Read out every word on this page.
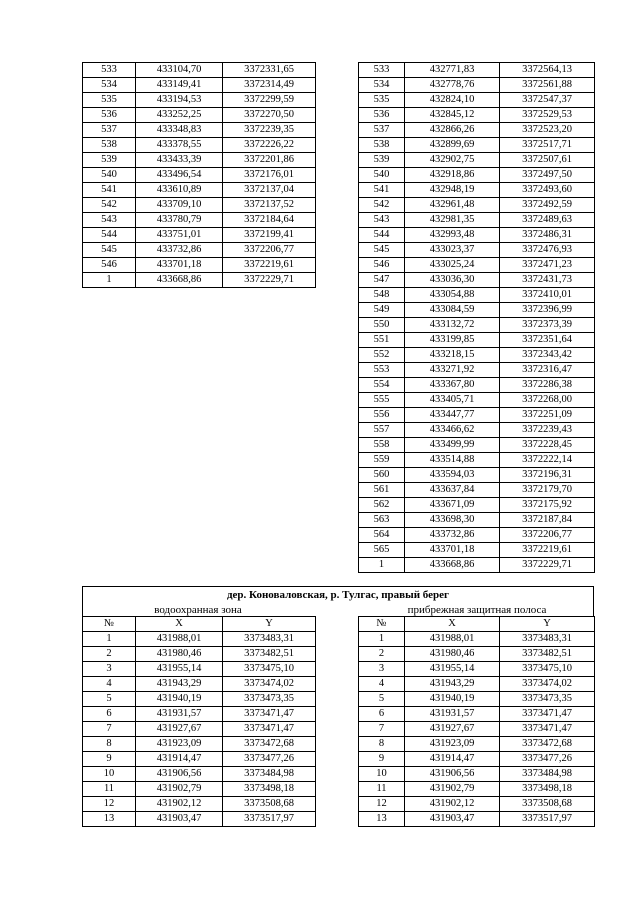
533	433104,70	3372331,65
534	433149,41	3372314,49
535	433194,53	3372299,59
536	433252,25	3372270,50
537	433348,83	3372239,35
538	433378,55	3372226,22
539	433433,39	3372201,86
540	433496,54	3372176,01
541	433610,89	3372137,04
542	433709,10	3372137,52
543	433780,79	3372184,64
544	433751,01	3372199,41
545	433732,86	3372206,77
546	433701,18	3372219,61
1	433668,86	3372229,71
533	432771,83	3372564,13
534	432778,76	3372561,88
535	432824,10	3372547,37
536	432845,12	3372529,53
537	432866,26	3372523,20
538	432899,69	3372517,71
539	432902,75	3372507,61
540	432918,86	3372497,50
541	432948,19	3372493,60
542	432961,48	3372492,59
543	432981,35	3372489,63
544	432993,48	3372486,31
545	433023,37	3372476,93
546	433025,24	3372471,23
547	433036,30	3372431,73
548	433054,88	3372410,01
549	433084,59	3372396,99
550	433132,72	3372373,39
551	433199,85	3372351,64
552	433218,15	3372343,42
553	433271,92	3372316,47
554	433367,80	3372286,38
555	433405,71	3372268,00
556	433447,77	3372251,09
557	433466,62	3372239,43
558	433499,99	3372228,45
559	433514,88	3372222,14
560	433594,03	3372196,31
561	433637,84	3372179,70
562	433671,09	3372175,92
563	433698,30	3372187,84
564	433732,86	3372206,77
565	433701,18	3372219,61
1	433668,86	3372229,71
дер. Коноваловская, р. Тулгас, правый берег
водоохранная зона	прибрежная защитная полоса
№	X	Y
1	431988,01	3373483,31
2	431980,46	3373482,51
3	431955,14	3373475,10
4	431943,29	3373474,02
5	431940,19	3373473,35
6	431931,57	3373471,47
7	431927,67	3373471,47
8	431923,09	3373472,68
9	431914,47	3373477,26
10	431906,56	3373484,98
11	431902,79	3373498,18
12	431902,12	3373508,68
13	431903,47	3373517,97
№	X	Y
1	431988,01	3373483,31
2	431980,46	3373482,51
3	431955,14	3373475,10
4	431943,29	3373474,02
5	431940,19	3373473,35
6	431931,57	3373471,47
7	431927,67	3373471,47
8	431923,09	3373472,68
9	431914,47	3373477,26
10	431906,56	3373484,98
11	431902,79	3373498,18
12	431902,12	3373508,68
13	431903,47	3373517,97
